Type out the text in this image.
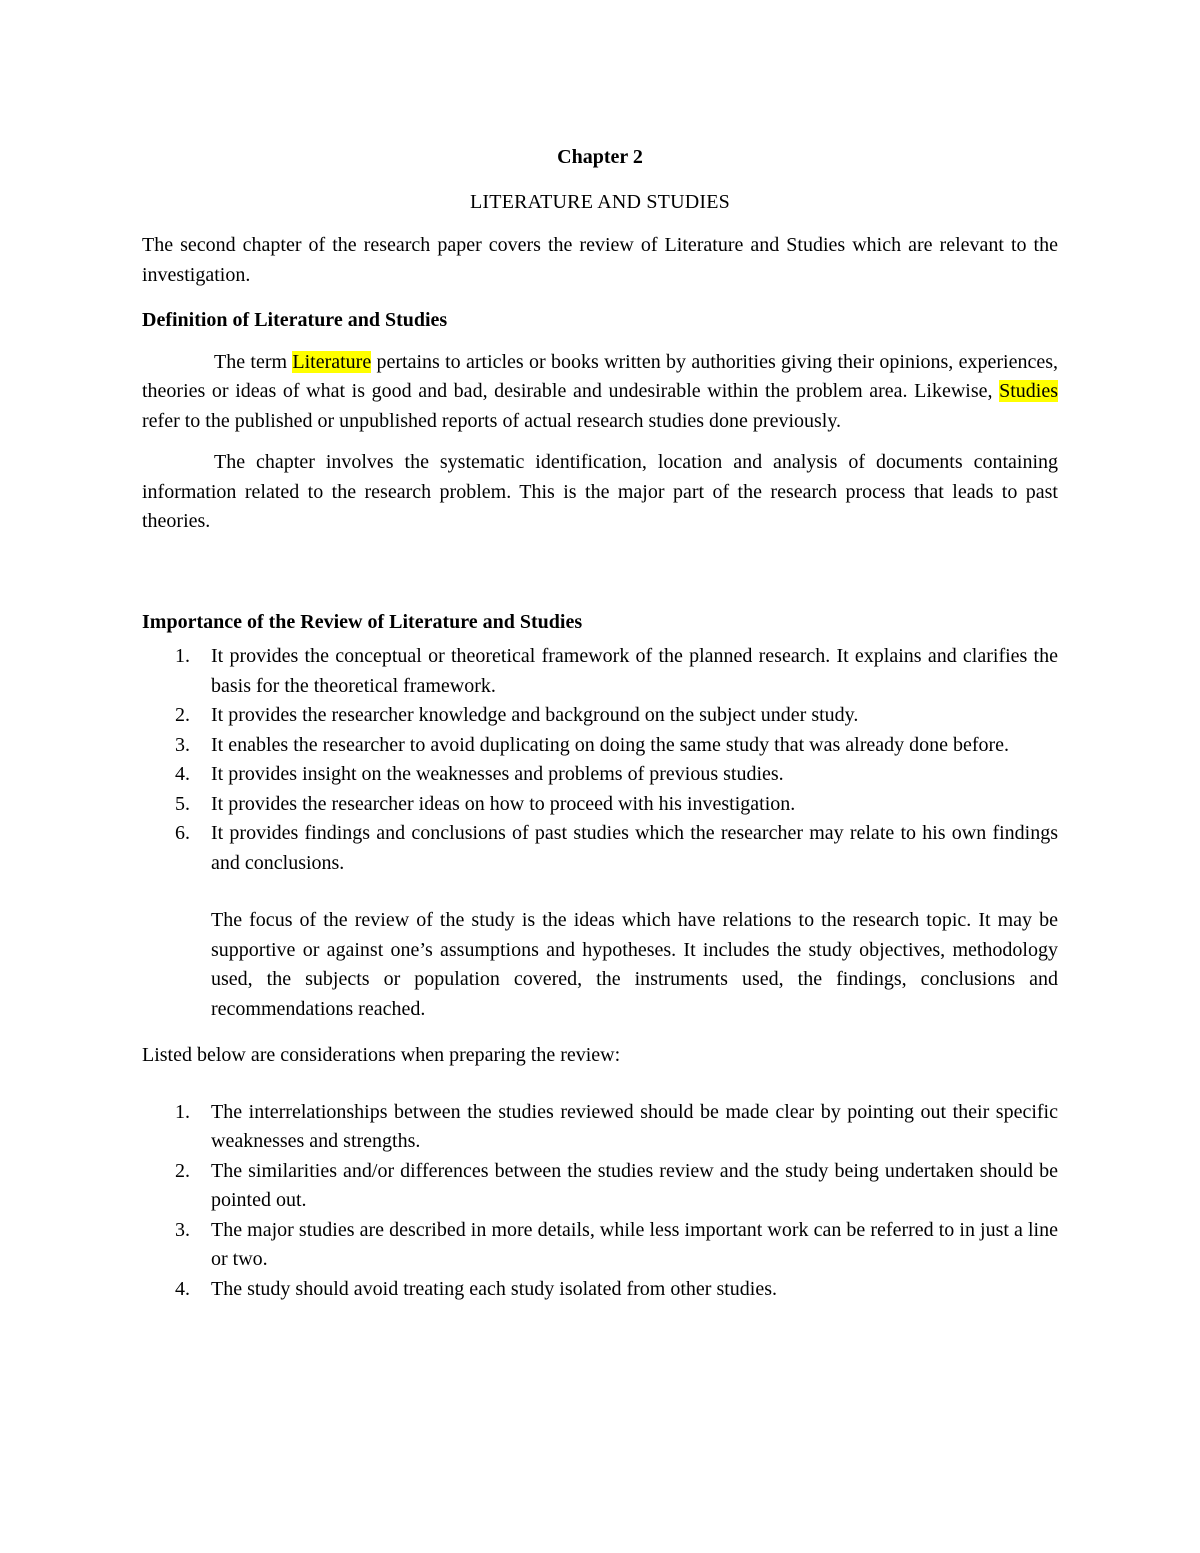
Chapter 2

LITERATURE AND STUDIES

The second chapter of the research paper covers the review of Literature and Studies which are relevant to the investigation.

Definition of Literature and Studies

The term Literature pertains to articles or books written by authorities giving their opinions, experiences, theories or ideas of what is good and bad, desirable and undesirable within the problem area. Likewise, Studies refer to the published or unpublished reports of actual research studies done previously.

The chapter involves the systematic identification, location and analysis of documents containing information related to the research problem. This is the major part of the research process that leads to past theories.

Importance of the Review of Literature and Studies
1. It provides the conceptual or theoretical framework of the planned research. It explains and clarifies the basis for the theoretical framework.
2. It provides the researcher knowledge and background on the subject under study.
3. It enables the researcher to avoid duplicating on doing the same study that was already done before.
4. It provides insight on the weaknesses and problems of previous studies.
5. It provides the researcher ideas on how to proceed with his investigation.
6. It provides findings and conclusions of past studies which the researcher may relate to his own findings and conclusions.

The focus of the review of the study is the ideas which have relations to the research topic. It may be supportive or against one’s assumptions and hypotheses. It includes the study objectives, methodology used, the subjects or population covered, the instruments used, the findings, conclusions and recommendations reached.

Listed below are considerations when preparing the review:

1. The interrelationships between the studies reviewed should be made clear by pointing out their specific weaknesses and strengths.
2. The similarities and/or differences between the studies review and the study being undertaken should be pointed out.
3. The major studies are described in more details, while less important work can be referred to in just a line or two.
4. The study should avoid treating each study isolated from other studies.
